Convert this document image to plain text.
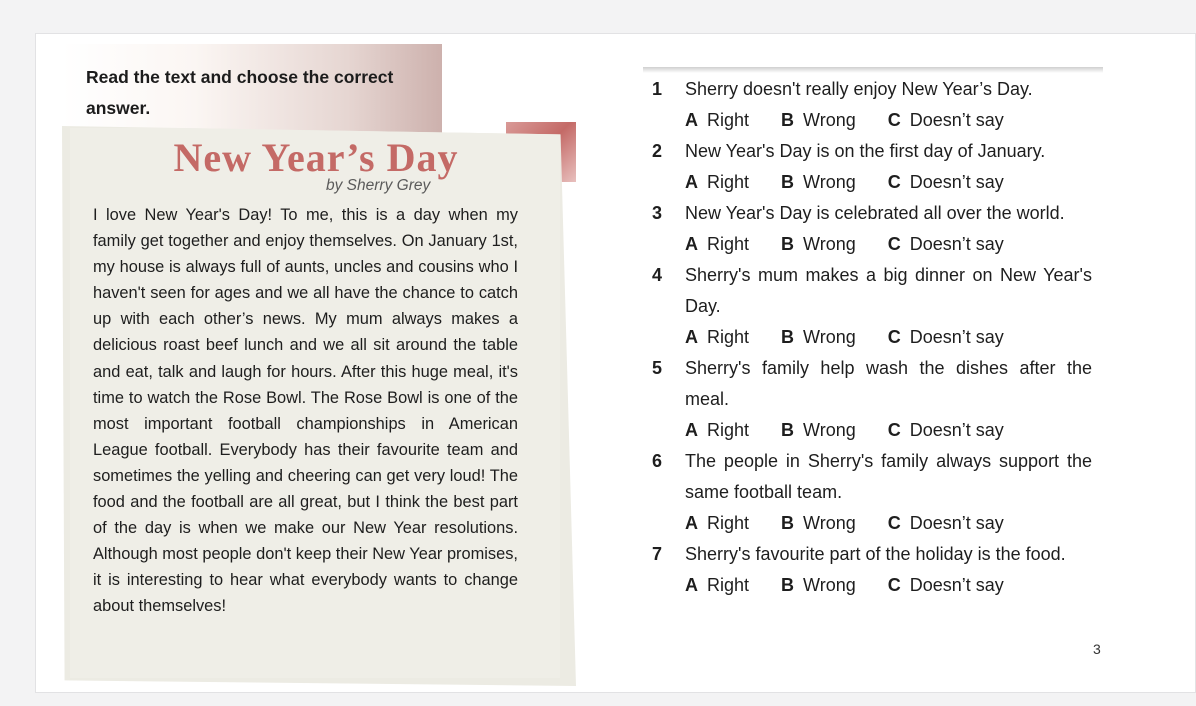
Read the text and choose the correct answer.
New Year’s Day
by Sherry Grey
I love New Year's Day! To me, this is a day when my family get together and enjoy themselves. On January 1st, my house is always full of aunts, uncles and cousins who I haven't seen for ages and we all have the chance to catch up with each other’s news. My mum always makes a delicious roast beef lunch and we all sit around the table and eat, talk and laugh for hours. After this huge meal, it's time to watch the Rose Bowl. The Rose Bowl is one of the most important football championships in American League football. Everybody has their favourite team and sometimes the yelling and cheering can get very loud! The food and the football are all great, but I think the best part of the day is when we make our New Year resolutions. Although most people don't keep their New Year promises, it is interesting to hear what everybody wants to change about themselves!
1	Sherry doesn't really enjoy New Year’s Day.
A Right B Wrong C Doesn’t say
2	New Year's Day is on the first day of January.
A Right B Wrong C Doesn’t say
3	New Year's Day is celebrated all over the world.
A Right B Wrong C Doesn’t say
4	Sherry's mum makes a big dinner on New Year's Day.
A Right B Wrong C Doesn’t say
5	Sherry's family help wash the dishes after the meal.
A Right B Wrong C Doesn’t say
6	The people in Sherry's family always support the same football team.
A Right B Wrong C Doesn’t say
7	Sherry's favourite part of the holiday is the food.
A Right B Wrong C Doesn’t say
3
